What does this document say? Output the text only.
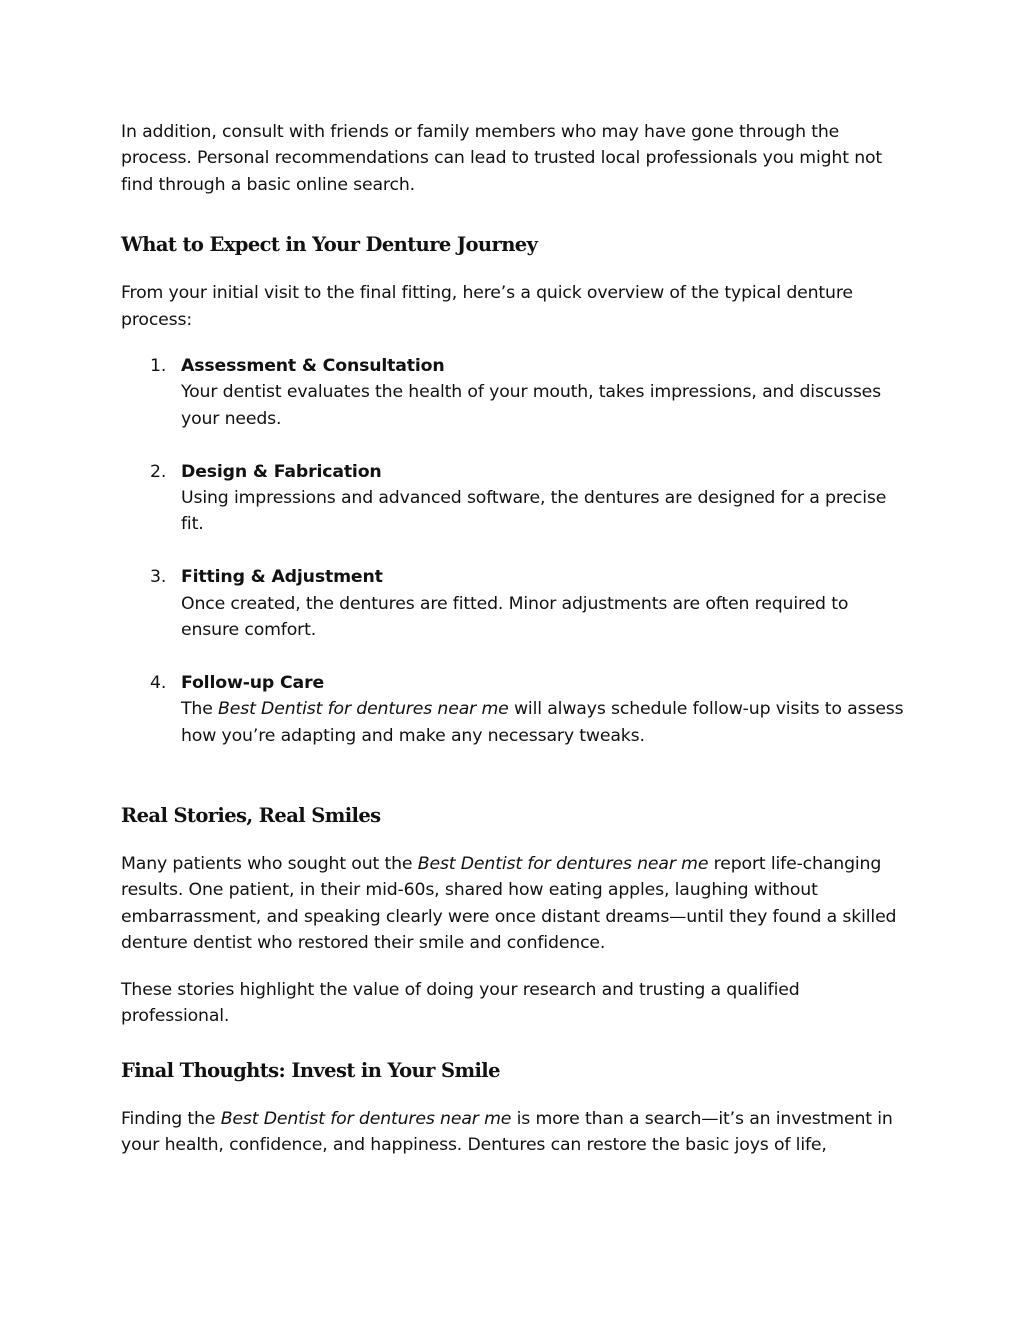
In addition, consult with friends or family members who may have gone through the process. Personal recommendations can lead to trusted local professionals you might not find through a basic online search.

What to Expect in Your Denture Journey

From your initial visit to the final fitting, here’s a quick overview of the typical denture process:

1. Assessment & Consultation
Your dentist evaluates the health of your mouth, takes impressions, and discusses your needs.
2. Design & Fabrication
Using impressions and advanced software, the dentures are designed for a precise fit.
3. Fitting & Adjustment
Once created, the dentures are fitted. Minor adjustments are often required to ensure comfort.
4. Follow-up Care
The Best Dentist for dentures near me will always schedule follow-up visits to assess how you’re adapting and make any necessary tweaks.
Real Stories, Real Smiles

Many patients who sought out the Best Dentist for dentures near me report life-changing results. One patient, in their mid-60s, shared how eating apples, laughing without embarrassment, and speaking clearly were once distant dreams—until they found a skilled denture dentist who restored their smile and confidence.

These stories highlight the value of doing your research and trusting a qualified professional.

Final Thoughts: Invest in Your Smile

Finding the Best Dentist for dentures near me is more than a search—it’s an investment in your health, confidence, and happiness. Dentures can restore the basic joys of life,
